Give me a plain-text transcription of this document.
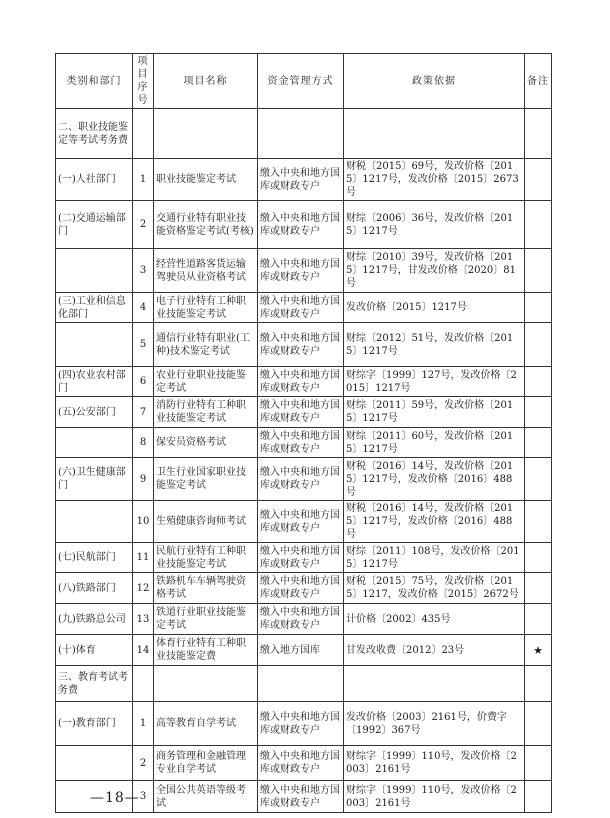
类别和部门	项目序号	项目名称	资金管理方式	政策依据	备注
二、职业技能鉴定等考试考务费					
(一)人社部门	1	职业技能鉴定考试	缴入中央和地方国库或财政专户	财税〔2015〕69号，发改价格〔2015〕1217号，发改价格〔2015〕2673号	
(二)交通运输部门	2	交通行业特有职业技能资格鉴定考试(考核)	缴入中央和地方国库或财政专户	财综〔2006〕36号，发改价格〔2015〕1217号	
	3	经营性道路客货运输驾驶员从业资格考试	缴入中央和地方国库或财政专户	财综〔2010〕39号，发改价格〔2015〕1217号，甘发改价格〔2020〕81号	
(三)工业和信息化部门	4	电子行业特有工种职业技能鉴定考试	缴入中央和地方国库或财政专户	发改价格〔2015〕1217号	
	5	通信行业特有职业(工种)技术鉴定考试	缴入中央和地方国库或财政专户	财综〔2012〕51号，发改价格〔2015〕1217号	
(四)农业农村部门	6	农业行业职业技能鉴定考试	缴入中央和地方国库或财政专户	财综字〔1999〕127号，发改价格〔2015〕1217号	
(五)公安部门	7	消防行业特有工种职业技能鉴定考试	缴入中央和地方国库或财政专户	财综〔2011〕59号，发改价格〔2015〕1217号	
	8	保安员资格考试	缴入中央和地方国库或财政专户	财综〔2011〕60号，发改价格〔2015〕1217号	
(六)卫生健康部门	9	卫生行业国家职业技能鉴定考试	缴入中央和地方国库或财政专户	财税〔2016〕14号，发改价格〔2015〕1217号，发改价格〔2016〕488号	
	10	生殖健康咨询师考试	缴入中央和地方国库或财政专户	财税〔2016〕14号，发改价格〔2015〕1217号，发改价格〔2016〕488号	
(七)民航部门	11	民航行业特有工种职业技能鉴定考试	缴入中央和地方国库或财政专户	财综〔2011〕108号，发改价格〔2015〕1217号	
(八)铁路部门	12	铁路机车车辆驾驶资格考试	缴入中央和地方国库或财政专户	财税〔2015〕75号，发改价格〔2015〕1217，发改价格〔2015〕2672号	
(九)铁路总公司	13	铁道行业职业技能鉴定考试	缴入中央和地方国库或财政专户	计价格〔2002〕435号	
(十)体育	14	体育行业特有工种职业技能鉴定费	缴入地方国库	甘发改收费〔2012〕23号	★
三、教育考试考务费					
(一)教育部门	1	高等教育自学考试	缴入中央和地方国库或财政专户	发改价格〔2003〕2161号，价费字〔1992〕367号	
	2	商务管理和金融管理专业自学考试	缴入中央和地方国库或财政专户	财综字〔1999〕110号，发改价格〔2003〕2161号	
	3	全国公共英语等级考试	缴入中央和地方国库或财政专户	财综字〔1999〕110号，发改价格〔2003〕2161号	
—18—
